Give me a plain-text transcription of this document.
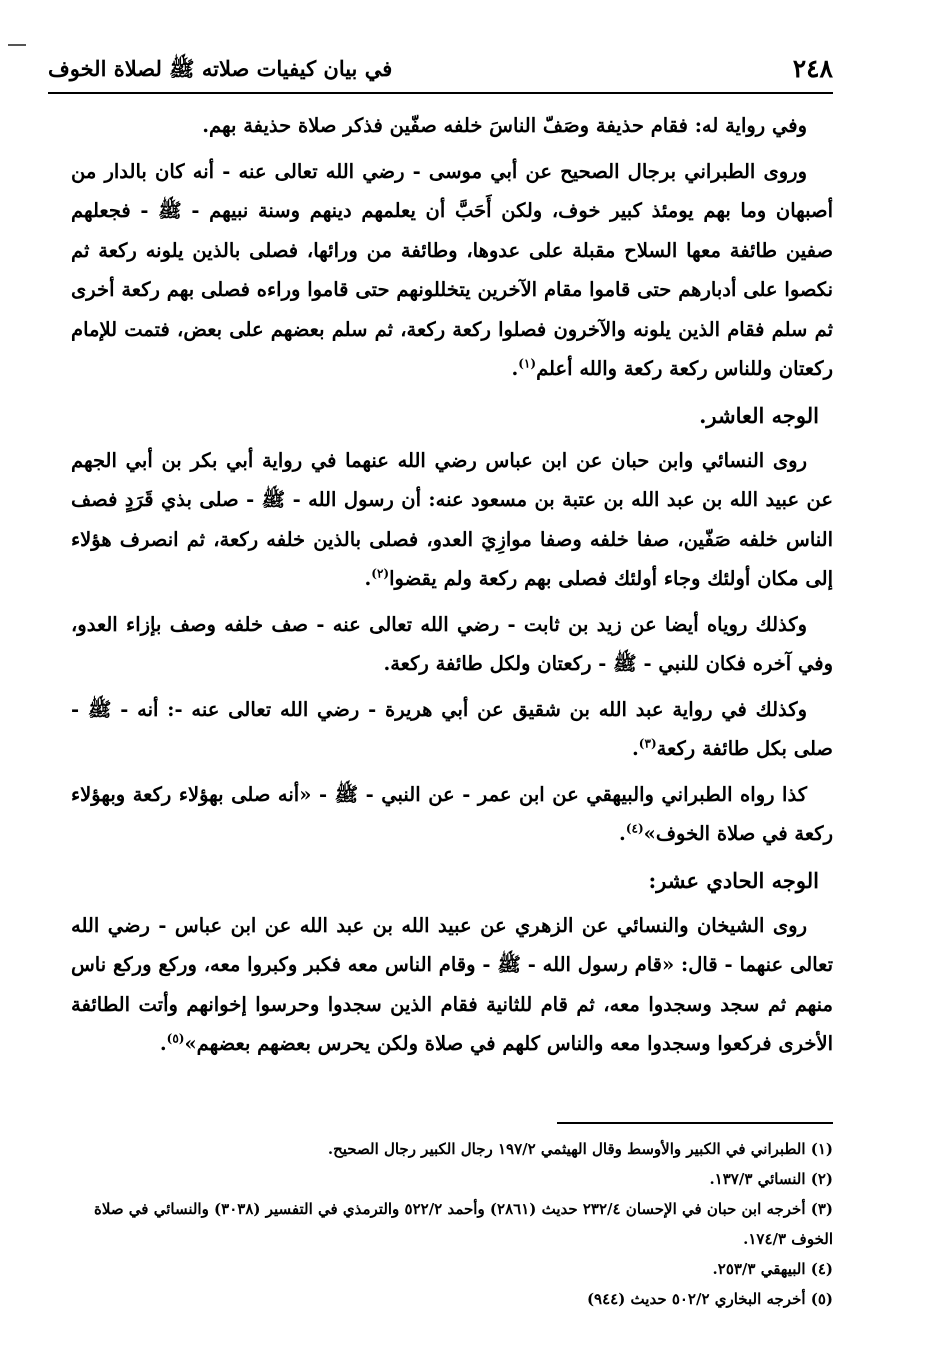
٢٤٨
في بيان كيفيات صلاته ﷺ لصلاة الخوف

وفي رواية له: فقام حذيفة وصَفّ الناسَ خلفه صفّين فذكر صلاة حذيفة بهم.

وروى الطبراني برجال الصحيح عن أبي موسى - رضي الله تعالى عنه - أنه كان بالدار من أصبهان وما بهم يومئذ كبير خوف، ولكن أَحَبَّ أن يعلمهم دينهم وسنة نبيهم - ﷺ - فجعلهم صفين طائفة معها السلاح مقبلة على عدوها، وطائفة من ورائها، فصلى بالذين يلونه ركعة ثم نكصوا على أدبارهم حتى قاموا مقام الآخرين يتخللونهم حتى قاموا وراءه فصلى بهم ركعة أخرى ثم سلم فقام الذين يلونه والآخرون فصلوا ركعة ركعة، ثم سلم بعضهم على بعض، فتمت للإمام ركعتان وللناس ركعة ركعة والله أعلم$^{(١)}$.

الوجه العاشر.

روى النسائي وابن حبان عن ابن عباس رضي الله عنهما في رواية أبي بكر بن أبي الجهم عن عبيد الله بن عبد الله بن عتبة بن مسعود عنه: أن رسول الله - ﷺ - صلى بذي قَرَدٍ فصف الناس خلفه صَفّين، صفا خلفه وصفا موازِيَ العدو، فصلى بالذين خلفه ركعة، ثم انصرف هؤلاء إلى مكان أولئك وجاء أولئك فصلى بهم ركعة ولم يقضوا$^{(٢)}$.

وكذلك روياه أيضا عن زيد بن ثابت - رضي الله تعالى عنه - صف خلفه وصف بإزاء العدو، وفي آخره فكان للنبي - ﷺ - ركعتان ولكل طائفة ركعة.

وكذلك في رواية عبد الله بن شقيق عن أبي هريرة - رضي الله تعالى عنه -: أنه - ﷺ - صلى بكل طائفة ركعة$^{(٣)}$.

كذا رواه الطبراني والبيهقي عن ابن عمر - عن النبي - ﷺ - «أنه صلى بهؤلاء ركعة وبهؤلاء ركعة في صلاة الخوف»$^{(٤)}$.

الوجه الحادي عشر:

روى الشيخان والنسائي عن الزهري عن عبيد الله بن عبد الله عن ابن عباس - رضي الله تعالى عنهما - قال: «قام رسول الله - ﷺ - وقام الناس معه فكبر وكبروا معه، وركع وركع ناس منهم ثم سجد وسجدوا معه، ثم قام للثانية فقام الذين سجدوا وحرسوا إخوانهم وأتت الطائفة الأخرى فركعوا وسجدوا معه والناس كلهم في صلاة ولكن يحرس بعضهم بعضهم»$^{(٥)}$.

(١) الطبراني في الكبير والأوسط وقال الهيثمي ١٩٧/٢ رجال الكبير رجال الصحيح.

(٢) النسائي ١٣٧/٣.

(٣) أخرجه ابن حبان في الإحسان ٢٣٢/٤ حديث (٢٨٦١) وأحمد ٥٢٢/٢ والترمذي في التفسير (٣٠٣٨) والنسائي في صلاة الخوف ١٧٤/٣.

(٤) البيهقي ٢٥٣/٣.

(٥) أخرجه البخاري ٥٠٢/٢ حديث (٩٤٤)
